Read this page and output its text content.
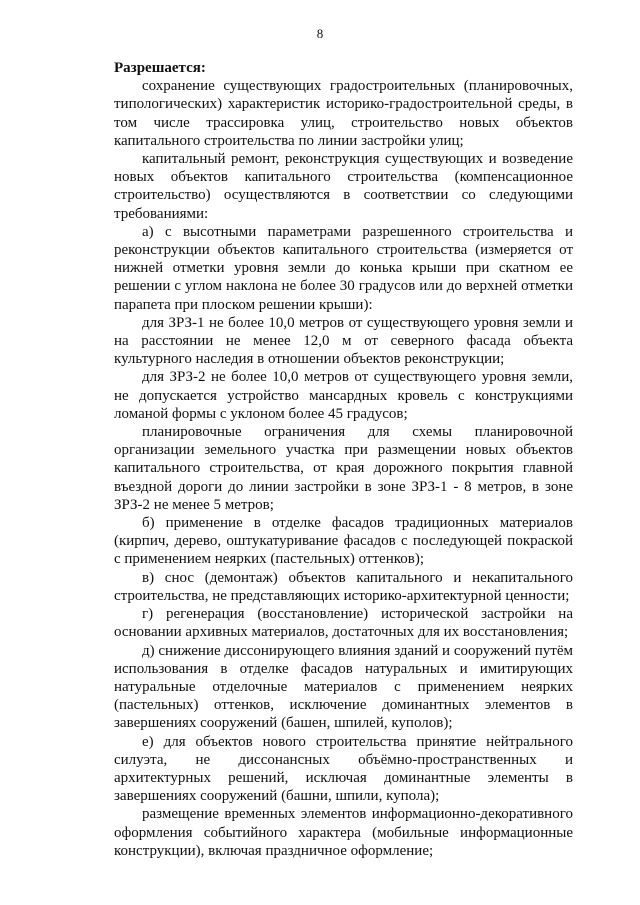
8

Разрешается:

сохранение существующих градостроительных (планировочных, типологических) характеристик историко-градостроительной среды, в том числе трассировка улиц, строительство новых объектов капитального строительства по линии застройки улиц;

капитальный ремонт, реконструкция существующих и возведение новых объектов капитального строительства (компенсационное строительство) осуществляются в соответствии со следующими требованиями:

а) с высотными параметрами разрешенного строительства и реконструкции объектов капитального строительства (измеряется от нижней отметки уровня земли до конька крыши при скатном ее решении с углом наклона не более 30 градусов или до верхней отметки парапета при плоском решении крыши):

для ЗРЗ-1 не более 10,0 метров от существующего уровня земли и на расстоянии не менее 12,0 м от северного фасада объекта культурного наследия в отношении объектов реконструкции;

для ЗРЗ-2 не более 10,0 метров от существующего уровня земли, не допускается устройство мансардных кровель с конструкциями ломаной формы с уклоном более 45 градусов;

планировочные ограничения для схемы планировочной организации земельного участка при размещении новых объектов капитального строительства, от края дорожного покрытия главной въездной дороги до линии застройки в зоне ЗРЗ-1 - 8 метров, в зоне ЗРЗ-2 не менее 5 метров;

б) применение в отделке фасадов традиционных материалов (кирпич, дерево, оштукатуривание фасадов с последующей покраской с применением неярких (пастельных) оттенков);

в) снос (демонтаж) объектов капитального и некапитального строительства, не представляющих историко-архитектурной ценности;

г) регенерация (восстановление) исторической застройки на основании архивных материалов, достаточных для их восстановления;

д) снижение диссонирующего влияния зданий и сооружений путём использования в отделке фасадов натуральных и имитирующих натуральные отделочные материалов с применением неярких (пастельных) оттенков, исключение доминантных элементов в завершениях сооружений (башен, шпилей, куполов);

е) для объектов нового строительства принятие нейтрального силуэта, не диссонансных объёмно-пространственных и архитектурных решений, исключая доминантные элементы в завершениях сооружений (башни, шпили, купола);

размещение временных элементов информационно-декоративного оформления событийного характера (мобильные информационные конструкции), включая праздничное оформление;
